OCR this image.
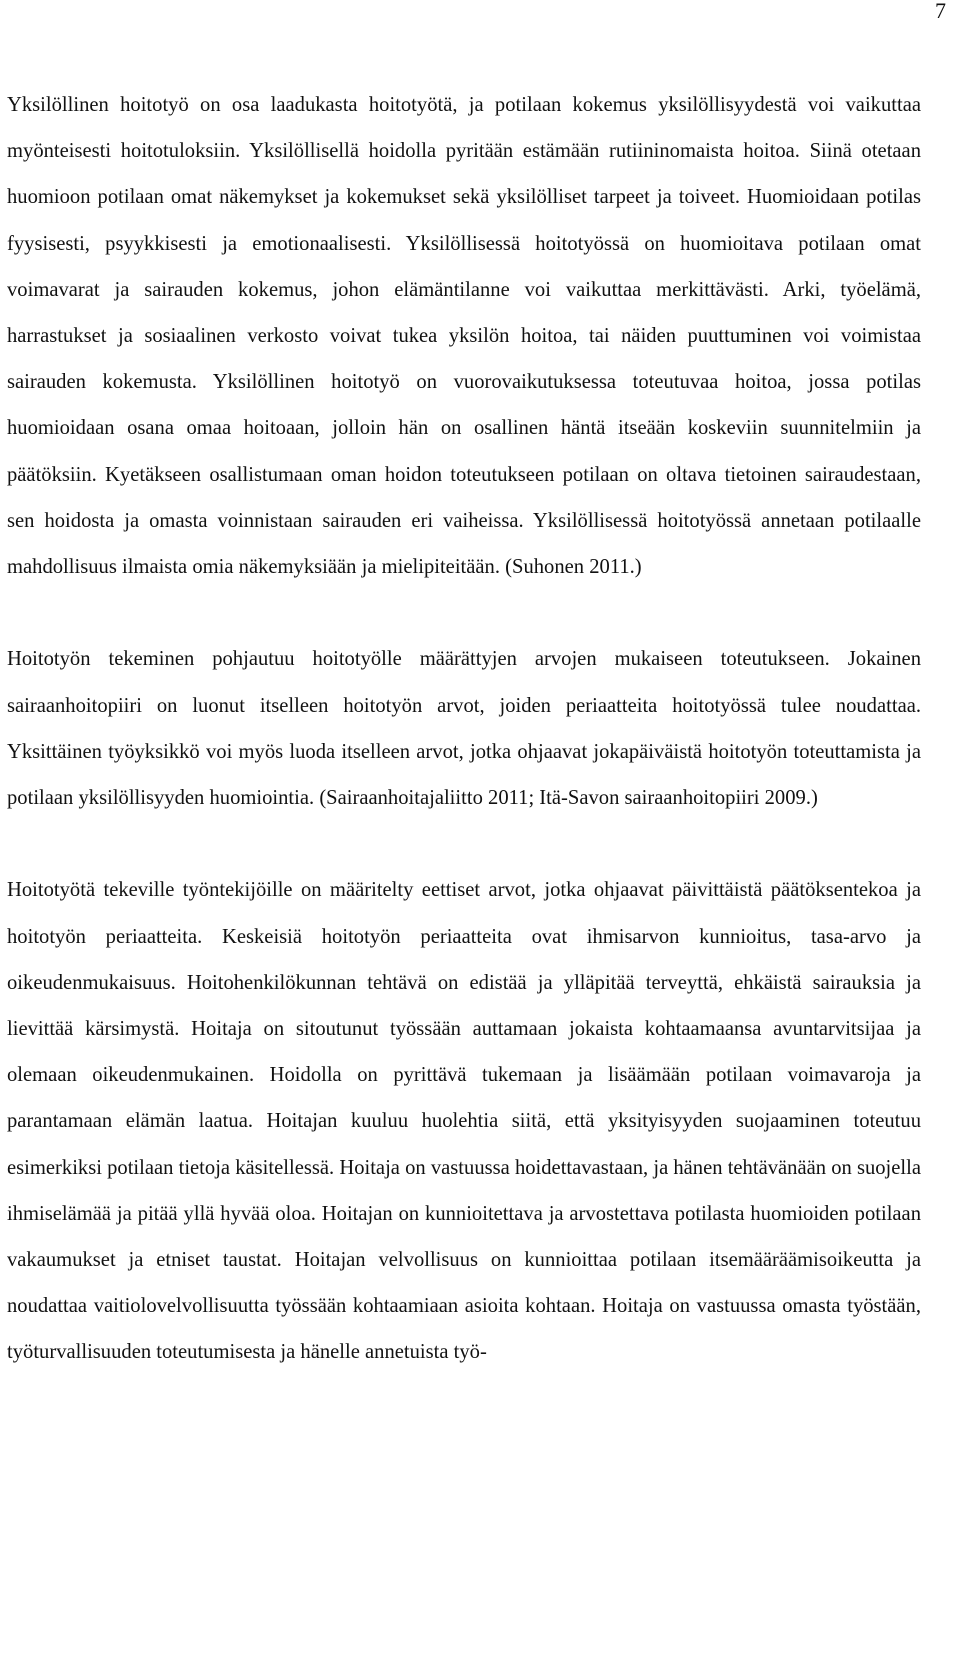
7

Yksilöllinen hoitotyö on osa laadukasta hoitotyötä, ja potilaan kokemus yksilöllisyydestä voi vaikuttaa myönteisesti hoitotuloksiin. Yksilöllisellä hoidolla pyritään estämään rutiininomaista hoitoa. Siinä otetaan huomioon potilaan omat näkemykset ja kokemukset sekä yksilölliset tarpeet ja toiveet. Huomioidaan potilas fyysisesti, psyykkisesti ja emotionaalisesti. Yksilöllisessä hoitotyössä on huomioitava potilaan omat voimavarat ja sairauden kokemus, johon elämäntilanne voi vaikuttaa merkittävästi. Arki, työelämä, harrastukset ja sosiaalinen verkosto voivat tukea yksilön hoitoa, tai näiden puuttuminen voi voimistaa sairauden kokemusta. Yksilöllinen hoitotyö on vuorovaikutuksessa toteutuvaa hoitoa, jossa potilas huomioidaan osana omaa hoitoaan, jolloin hän on osallinen häntä itseään koskeviin suunnitelmiin ja päätöksiin. Kyetäkseen osallistumaan oman hoidon toteutukseen potilaan on oltava tietoinen sairaudestaan, sen hoidosta ja omasta voinnistaan sairauden eri vaiheissa. Yksilöllisessä hoitotyössä annetaan potilaalle mahdollisuus ilmaista omia näkemyksiään ja mielipiteitään. (Suhonen 2011.)

Hoitotyön tekeminen pohjautuu hoitotyölle määrättyjen arvojen mukaiseen toteutukseen. Jokainen sairaanhoitopiiri on luonut itselleen hoitotyön arvot, joiden periaatteita hoitotyössä tulee noudattaa. Yksittäinen työyksikkö voi myös luoda itselleen arvot, jotka ohjaavat jokapäiväistä hoitotyön toteuttamista ja potilaan yksilöllisyyden huomiointia. (Sairaanhoitajaliitto 2011; Itä-Savon sairaanhoitopiiri 2009.)

Hoitotyötä tekeville työntekijöille on määritelty eettiset arvot, jotka ohjaavat päivittäistä päätöksentekoa ja hoitotyön periaatteita. Keskeisiä hoitotyön periaatteita ovat ihmisarvon kunnioitus, tasa-arvo ja oikeudenmukaisuus. Hoitohenkilökunnan tehtävä on edistää ja ylläpitää terveyttä, ehkäistä sairauksia ja lievittää kärsimystä. Hoitaja on sitoutunut työssään auttamaan jokaista kohtaamaansa avuntarvitsijaa ja olemaan oikeudenmukainen. Hoidolla on pyrittävä tukemaan ja lisäämään potilaan voimavaroja ja parantamaan elämän laatua. Hoitajan kuuluu huolehtia siitä, että yksityisyyden suojaaminen toteutuu esimerkiksi potilaan tietoja käsitellessä. Hoitaja on vastuussa hoidettavastaan, ja hänen tehtävänään on suojella ihmiselämää ja pitää yllä hyvää oloa. Hoitajan on kunnioitettava ja arvostettava potilasta huomioiden potilaan vakaumukset ja etniset taustat. Hoitajan velvollisuus on kunnioittaa potilaan itsemääräämisoikeutta ja noudattaa vaitiolovelvollisuutta työssään kohtaamiaan asioita kohtaan. Hoitaja on vastuussa omasta työstään, työturvallisuuden toteutumisesta ja hänelle annetuista työ-
